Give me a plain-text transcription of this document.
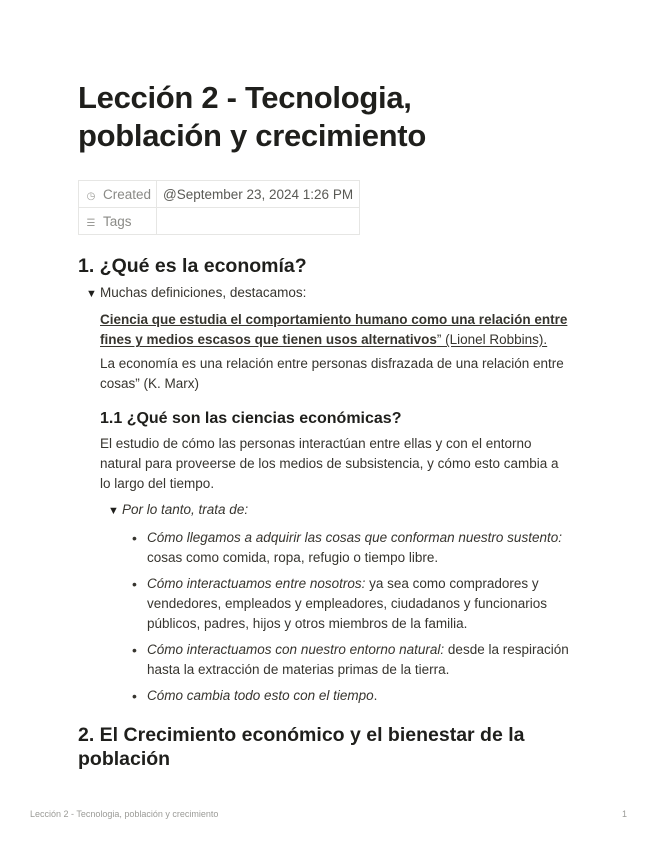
Lección 2 - Tecnologia,
población y crecimiento
◷ Created	@September 23, 2024 1:26 PM
☰ Tags	
1. ¿Qué es la economía?
▼ Muchas definiciones, destacamos:

Ciencia que estudia el comportamiento humano como una relación entre
fines y medios escasos que tienen usos alternativos” (Lionel Robbins).

La economía es una relación entre personas disfrazada de una relación entre
cosas” (K. Marx)

1.1 ¿Qué son las ciencias económicas?

El estudio de cómo las personas interactúan entre ellas y con el entorno
natural para proveerse de los medios de subsistencia, y cómo esto cambia a
lo largo del tiempo.

▼ Por lo tanto, trata de:
• Cómo llegamos a adquirir las cosas que conforman nuestro sustento:
cosas como comida, ropa, refugio o tiempo libre.
• Cómo interactuamos entre nosotros: ya sea como compradores y
vendedores, empleados y empleadores, ciudadanos y funcionarios
públicos, padres, hijos y otros miembros de la familia.
• Cómo interactuamos con nuestro entorno natural: desde la respiración
hasta la extracción de materias primas de la tierra.
• Cómo cambia todo esto con el tiempo.
2. El Crecimiento económico y el bienestar de la
población
Lección 2 - Tecnologia, población y crecimiento	1
